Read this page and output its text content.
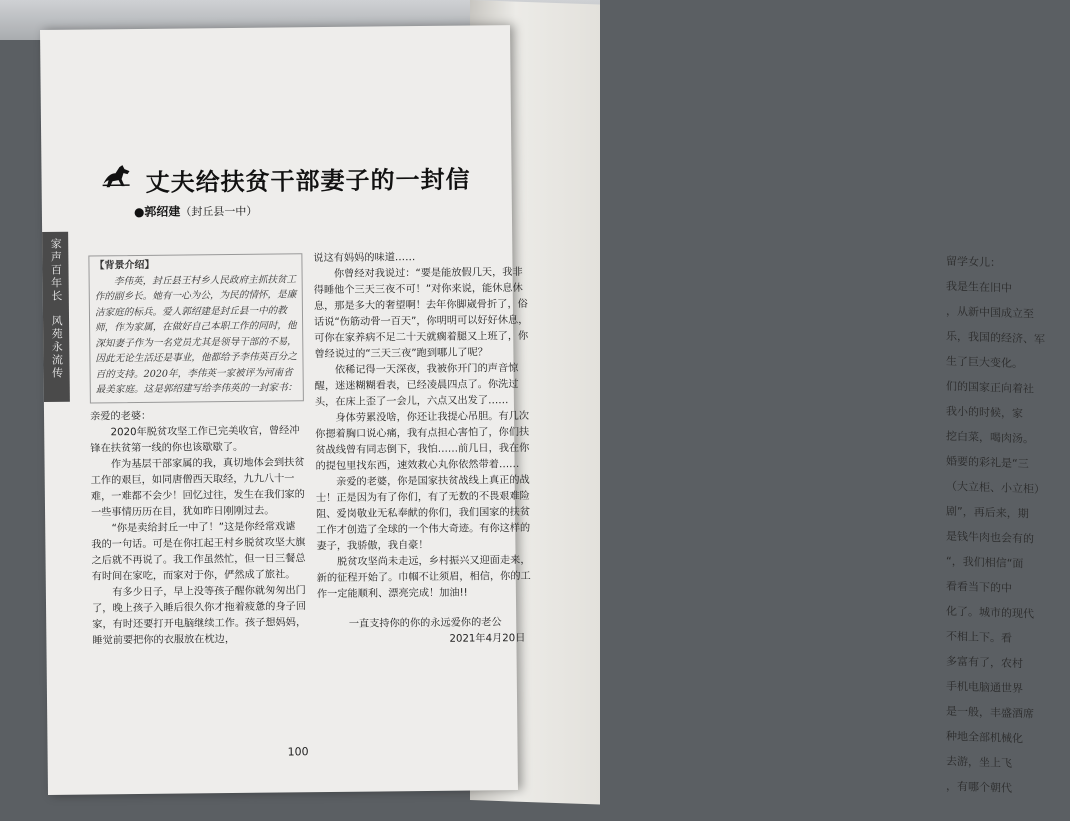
留学女儿：
我是生在旧中
，从新中国成立至
乐，我国的经济、军
生了巨大变化。
们的国家正向着社
我小的时候，家
挖白菜，喝肉汤。
婚要的彩礼是“三
（大立柜、小立柜）
剧”，再后来，期
是钱牛肉也会有的
“，我们相信“面
看看当下的中
化了。城市的现代
不相上下。看
多富有了，农村
手机电脑通世界
是一般，丰盛酒席
种地全部机械化
去游，坐上飞
，有哪个朝代
丈夫给扶贫干部妻子的一封信
●郭绍建（封丘县一中）
家声百年长
风苑永流传
【背景介绍】

李伟英，封丘县王村乡人民政府主抓扶贫工作的副乡长。她有一心为公，为民的情怀，是廉洁家庭的标兵。爱人郭绍建是封丘县一中的教师，作为家属，在做好自己本职工作的同时，他深知妻子作为一名党员尤其是领导干部的不易，因此无论生活还是事业，他都给予李伟英百分之百的支持。2020年，李伟英一家被评为河南省最美家庭。这是郭绍建写给李伟英的一封家书：

亲爱的老婆：

2020年脱贫攻坚工作已完美收官，曾经冲锋在扶贫第一线的你也该歇歇了。

作为基层干部家属的我，真切地体会到扶贫工作的艰巨，如同唐僧西天取经，九九八十一难，一难都不会少！回忆过往，发生在我们家的一些事情历历在目，犹如昨日刚刚过去。

“你是卖给封丘一中了！”这是你经常戏谑我的一句话。可是在你扛起王村乡脱贫攻坚大旗之后就不再说了。我工作虽然忙，但一日三餐总有时间在家吃，而家对于你，俨然成了旅社。

有多少日子，早上没等孩子醒你就匆匆出门了，晚上孩子入睡后很久你才拖着疲惫的身子回家，有时还要打开电脑继续工作。孩子想妈妈，睡觉前要把你的衣服放在枕边，

说这有妈妈的味道……

你曾经对我说过：“要是能放假几天，我非得睡他个三天三夜不可！”对你来说，能休息休息，那是多大的奢望啊！去年你脚崴骨折了，俗话说“伤筋动骨一百天”，你明明可以好好休息，可你在家养病不足二十天就瘸着腿又上班了，你曾经说过的“三天三夜”跑到哪儿了呢？

依稀记得一天深夜，我被你开门的声音惊醒，迷迷糊糊看表，已经凌晨四点了。你洗过头，在床上歪了一会儿，六点又出发了……

身体劳累没啥，你还让我提心吊胆。有几次你摁着胸口说心痛，我有点担心害怕了，你们扶贫战线曾有同志倒下，我怕……前几日，我在你的提包里找东西，速效救心丸你依然带着……

亲爱的老婆，你是国家扶贫战线上真正的战士！正是因为有了你们，有了无数的不畏艰难险阻、爱岗敬业无私奉献的你们，我们国家的扶贫工作才创造了全球的一个伟大奇迹。有你这样的妻子，我骄傲，我自豪！

脱贫攻坚尚未走远，乡村振兴又迎面走来，新的征程开始了。巾帼不让须眉，相信，你的工作一定能顺利、漂亮完成！加油!!

一直支持你的你的永远爱你的老公

2021年4月20日

100
